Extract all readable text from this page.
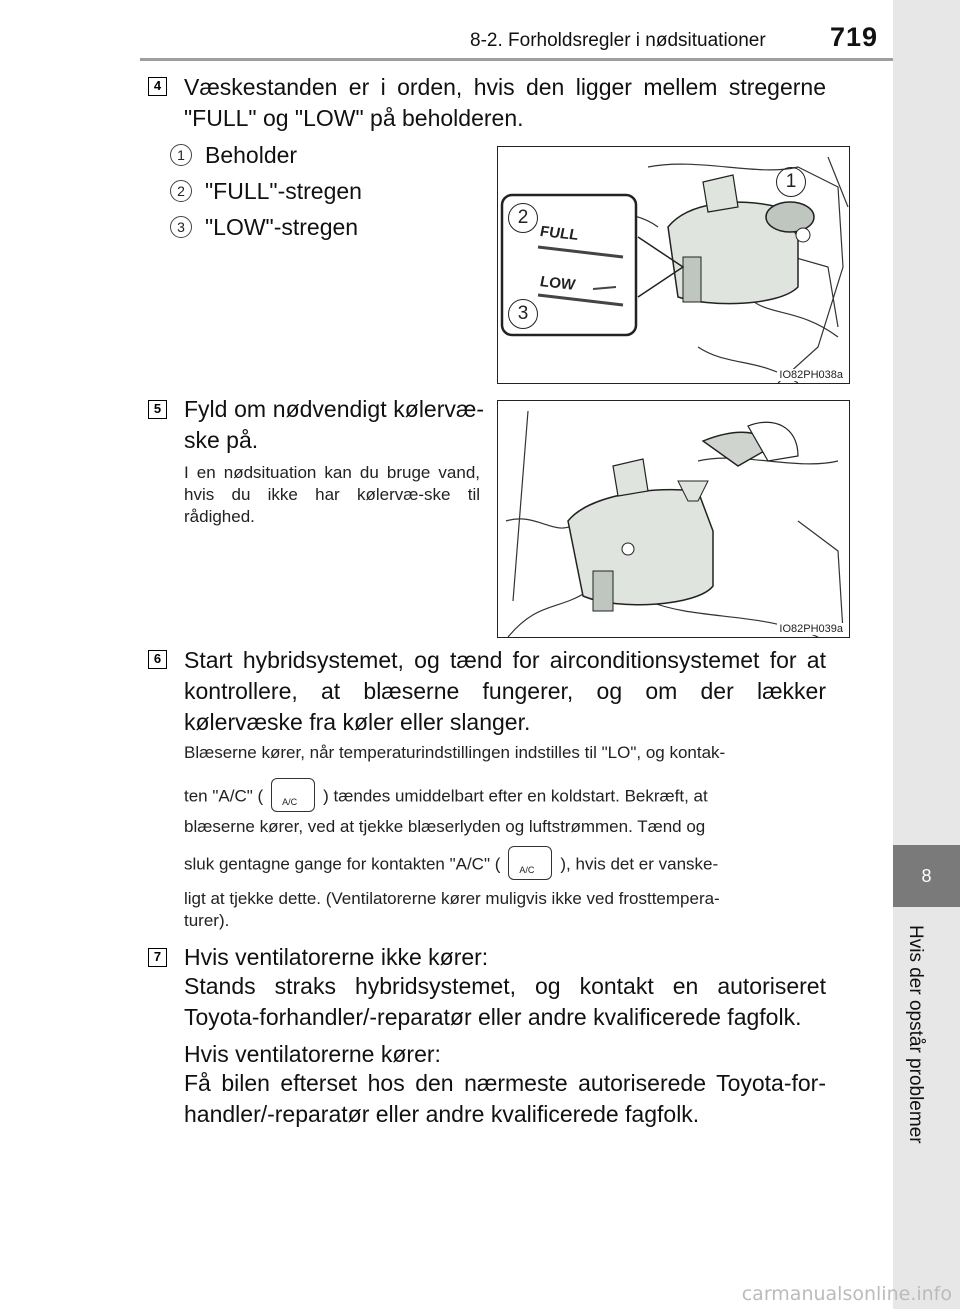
8-2. Forholdsregler i nødsituationer 719
8
Hvis der opstår problemer
4 Væskestanden er i orden, hvis den ligger mellem stregerne "FULL" og "LOW" på beholderen.
1 Beholder
2 "FULL"-stregen
3 "LOW"-stregen	FULL
LOW
1
2
3
IO82PH038a
5 Fyld om nødvendigt kølervæ-ske på.
I en nødsituation kan du bruge vand, hvis du ikke har kølervæ-ske til rådighed.
IO82PH039a
6 Start hybridsystemet, og tænd for airconditionsystemet for at kontrollere, at blæserne fungerer, og om der lækker kølervæske fra køler eller slanger.
Blæserne kører, når temperaturindstillingen indstilles til "LO", og kontak-
ten "A/C" ( A/C ) tændes umiddelbart efter en koldstart. Bekræft, at
blæserne kører, ved at tjekke blæserlyden og luftstrømmen. Tænd og
sluk gentagne gange for kontakten "A/C" ( A/C ), hvis det er vanske-
ligt at tjekke dette. (Ventilatorerne kører muligvis ikke ved frosttempera-
turer).
7 Hvis ventilatorerne ikke kører:
Stands straks hybridsystemet, og kontakt en autoriseret Toyota-forhandler/-reparatør eller andre kvalificerede fagfolk.
Hvis ventilatorerne kører:
Få bilen efterset hos den nærmeste autoriserede Toyota-for-handler/-reparatør eller andre kvalificerede fagfolk.
carmanualsonline.info
